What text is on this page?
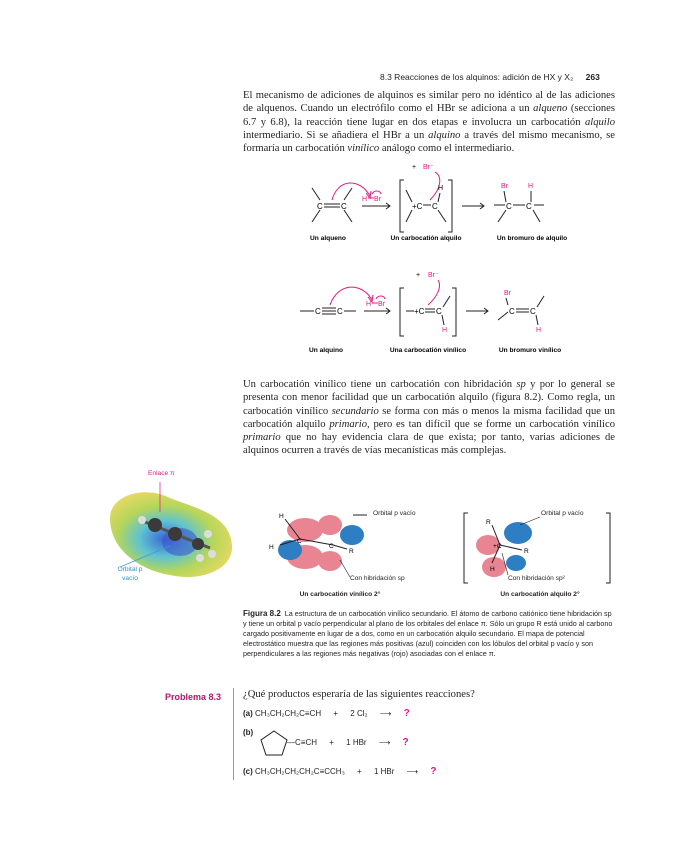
8.3 Reacciones de los alquinos: adición de HX y X₂ 263
El mecanismo de adiciones de alquinos es similar pero no idéntico al de las adiciones de alquenos. Cuando un electrófilo como el HBr se adiciona a un alqueno (secciones 6.7 y 6.8), la reacción tiene lugar en dos etapas e involucra un carbocatión alquilo intermediario. Si se añadiera el HBr a un alquino a través del mismo mecanismo, se formaría un carbocatión vinílico análogo como el intermediario.
C C
H Br
+ Br⁻
+C C
H	Br	H
C C
Un alqueno	Un carbocatión alquilo	Un bromuro de alquilo
C C
H Br
+ Br⁻
+C C
H
Br
C C
H
Un alquino	Una carbocatión vinílico	Un bromuro vinílico
Un carbocatión vinílico tiene un carbocatión con hibridación sp y por lo general se presenta con menor facilidad que un carbocatión alquilo (figura 8.2). Como regla, un carbocatión vinílico secundario se forma con más o menos la misma facilidad que un carbocatión alquilo primario, pero es tan difícil que se forme un carbocatión vinílico primario que no hay evidencia clara de que exista; por tanto, varias adiciones de alquinos ocurren a través de vías mecanísticas más complejas.
Enlace π
Orbital p vacío
H
H
C
C
R
Orbital p vacío
Con hibridación sp
Un carbocatión vinílico 2°
R
+C
R
H
Orbital p vacío
Con hibridación sp²
Un carbocatión alquilo 2°
Figura 8.2 La estructura de un carbocatión vinílico secundario. El átomo de carbono catiónico tiene hibridación sp y tiene un orbital p vacío perpendicular al plano de los orbitales del enlace π. Sólo un grupo R está unido al carbono cargado positivamente en lugar de a dos, como en un carbocatión alquilo secundario. El mapa de potencial electrostático muestra que las regiones más positivas (azul) coinciden con los lóbulos del orbital p vacío y son perpendiculares a las regiones más negativas (rojo) asociadas con el enlace π.
Problema 8.3 ¿Qué productos esperaría de las siguientes reacciones?
(a) CH₃CH₂CH₂C≡CH + 2 Cl₂ ⟶ ?
(b)
—C≡CH + 1 HBr ⟶ ?
(c) CH₃CH₂CH₂CH₂C≡CCH₃ + 1 HBr ⟶ ?
